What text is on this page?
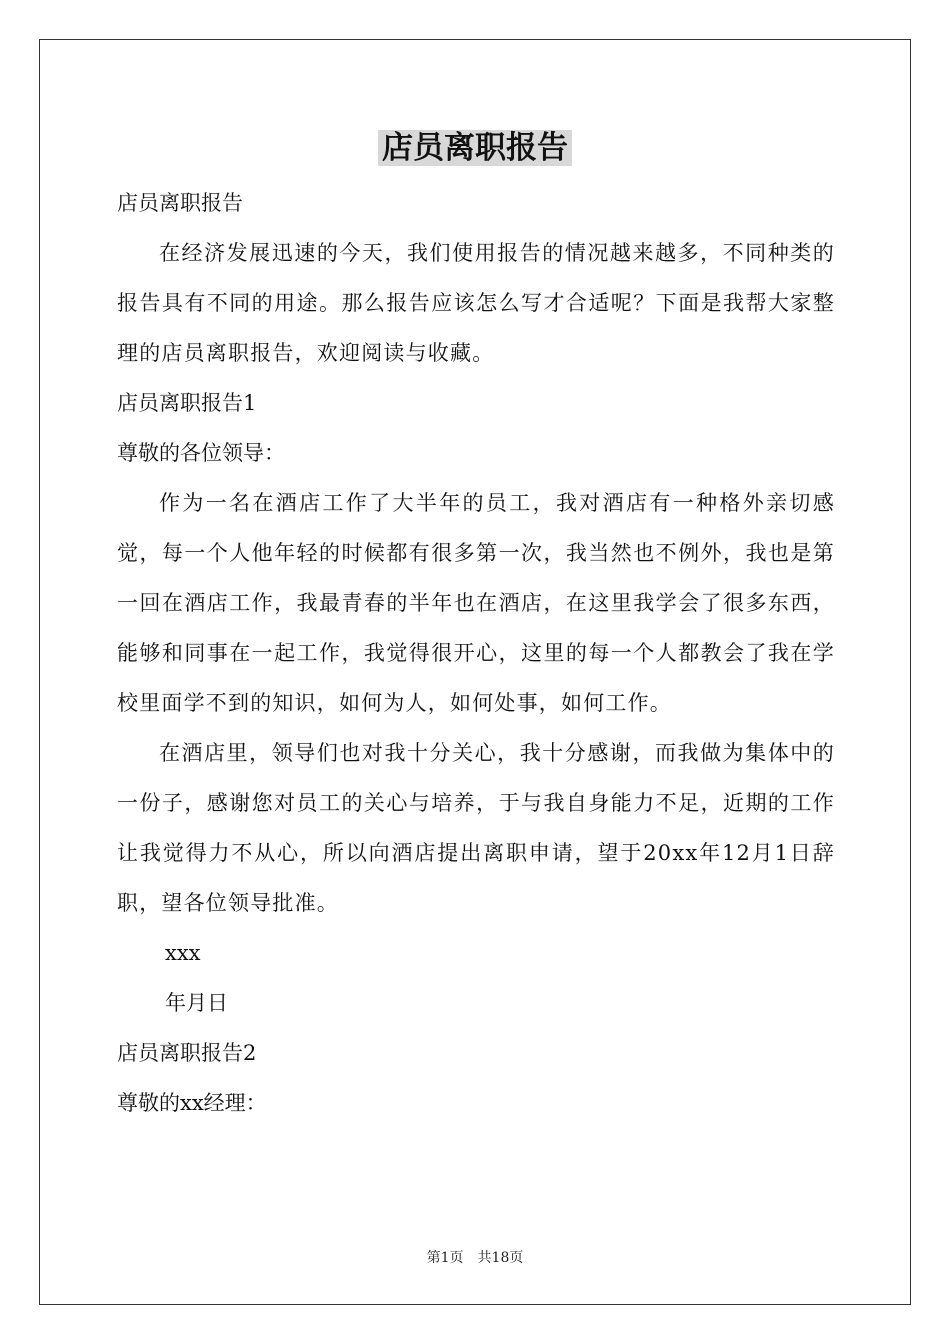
店员离职报告
店员离职报告
在经济发展迅速的今天，我们使用报告的情况越来越多，不同种类的报告具有不同的用途。那么报告应该怎么写才合适呢？下面是我帮大家整理的店员离职报告，欢迎阅读与收藏。
店员离职报告1
尊敬的各位领导：
作为一名在酒店工作了大半年的员工，我对酒店有一种格外亲切感觉，每一个人他年轻的时候都有很多第一次，我当然也不例外，我也是第一回在酒店工作，我最青春的半年也在酒店，在这里我学会了很多东西，能够和同事在一起工作，我觉得很开心，这里的每一个人都教会了我在学校里面学不到的知识，如何为人，如何处事，如何工作。
在酒店里，领导们也对我十分关心，我十分感谢，而我做为集体中的一份子，感谢您对员工的关心与培养，于与我自身能力不足，近期的工作让我觉得力不从心，所以向酒店提出离职申请，望于20xx年12月1日辞职，望各位领导批准。
xxx
年月日
店员离职报告2
尊敬的xx经理：
第1页　共18页
